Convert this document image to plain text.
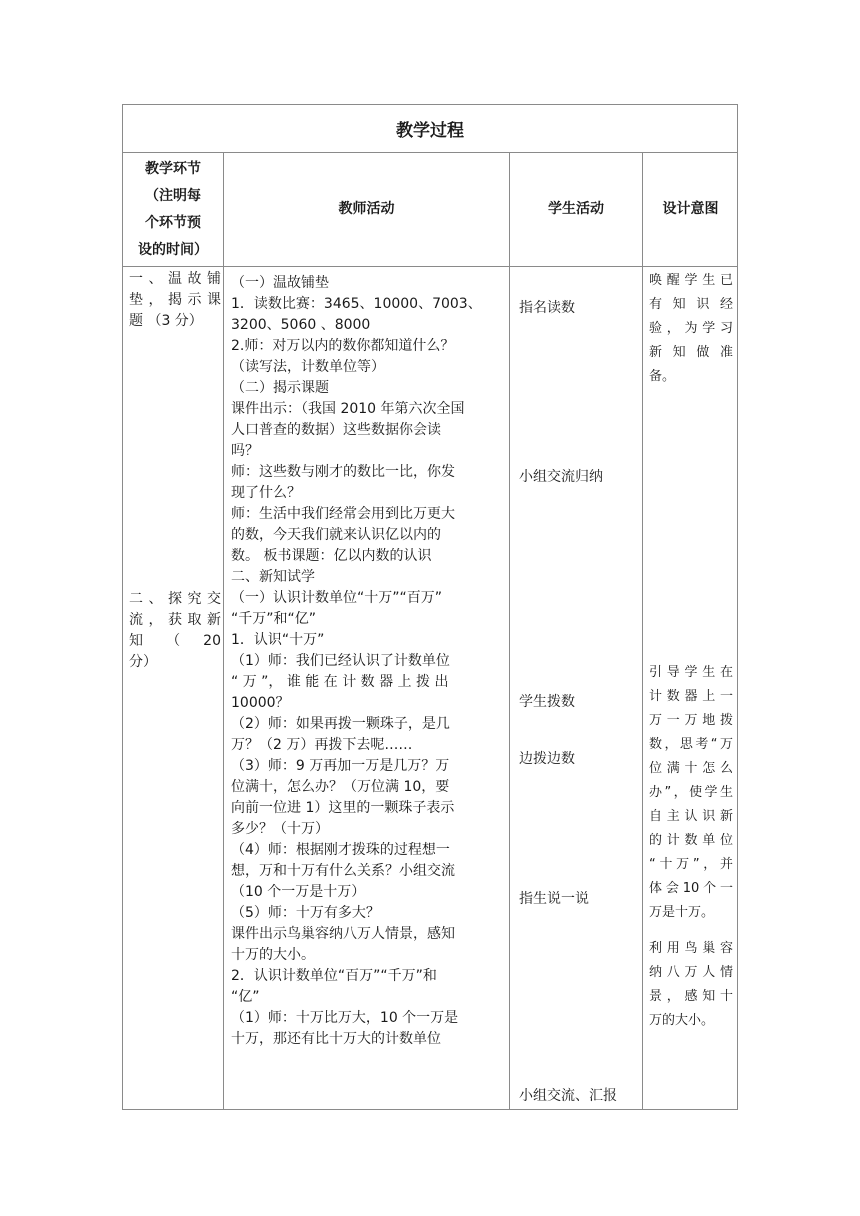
教学过程
教学环节
（注明每
个环节预
设的时间）
教师活动	学生活动	设计意图
一、温故铺
垫，揭示课
题 （3 分）
二、探究交
流，获取新
知 （ 20
分）
（一）温故铺垫
1．读数比赛：3465、10000、7003、
3200、5060 、8000
2.师：对万以内的数你都知道什么？
（读写法，计数单位等）
（二）揭示课题
课件出示：（我国 2010 年第六次全国
人口普查的数据）这些数据你会读
吗？
师：这些数与刚才的数比一比，你发
现了什么？
师：生活中我们经常会用到比万更大
的数，今天我们就来认识亿以内的
数。 板书课题：亿以内数的认识
二、新知试学
（一）认识计数单位“十万”“百万”
“千万”和“亿”
1．认识“十万”
（1）师：我们已经认识了计数单位
“ 万 ”， 谁 能 在 计 数 器 上 拨 出
10000？
（2）师：如果再拨一颗珠子，是几
万？（2 万）再拨下去呢……
（3）师：9 万再加一万是几万？万
位满十，怎么办？（万位满 10，要
向前一位进 1）这里的一颗珠子表示
多少？（十万）
（4）师：根据刚才拨珠的过程想一
想，万和十万有什么关系？小组交流
（10 个一万是十万）
（5）师：十万有多大？
课件出示鸟巢容纳八万人情景，感知
十万的大小。
2．认识计数单位“百万”“千万”和
“亿”
（1）师：十万比万大，10 个一万是
十万，那还有比十万大的计数单位
指名读数
小组交流归纳
学生拨数
边拨边数
指生说一说
小组交流、汇报
唤醒学生已
有 知 识 经
验，为学习
新 知 做 准
备。
引导学生在
计数器上一
万一万地拨
数，思考“万
位满十怎么
办”，使学生
自主认识新
的计数单位
“十万”，并
体会10个一
万是十万。
利用鸟巢容
纳八万人情
景，感知十
万的大小。
